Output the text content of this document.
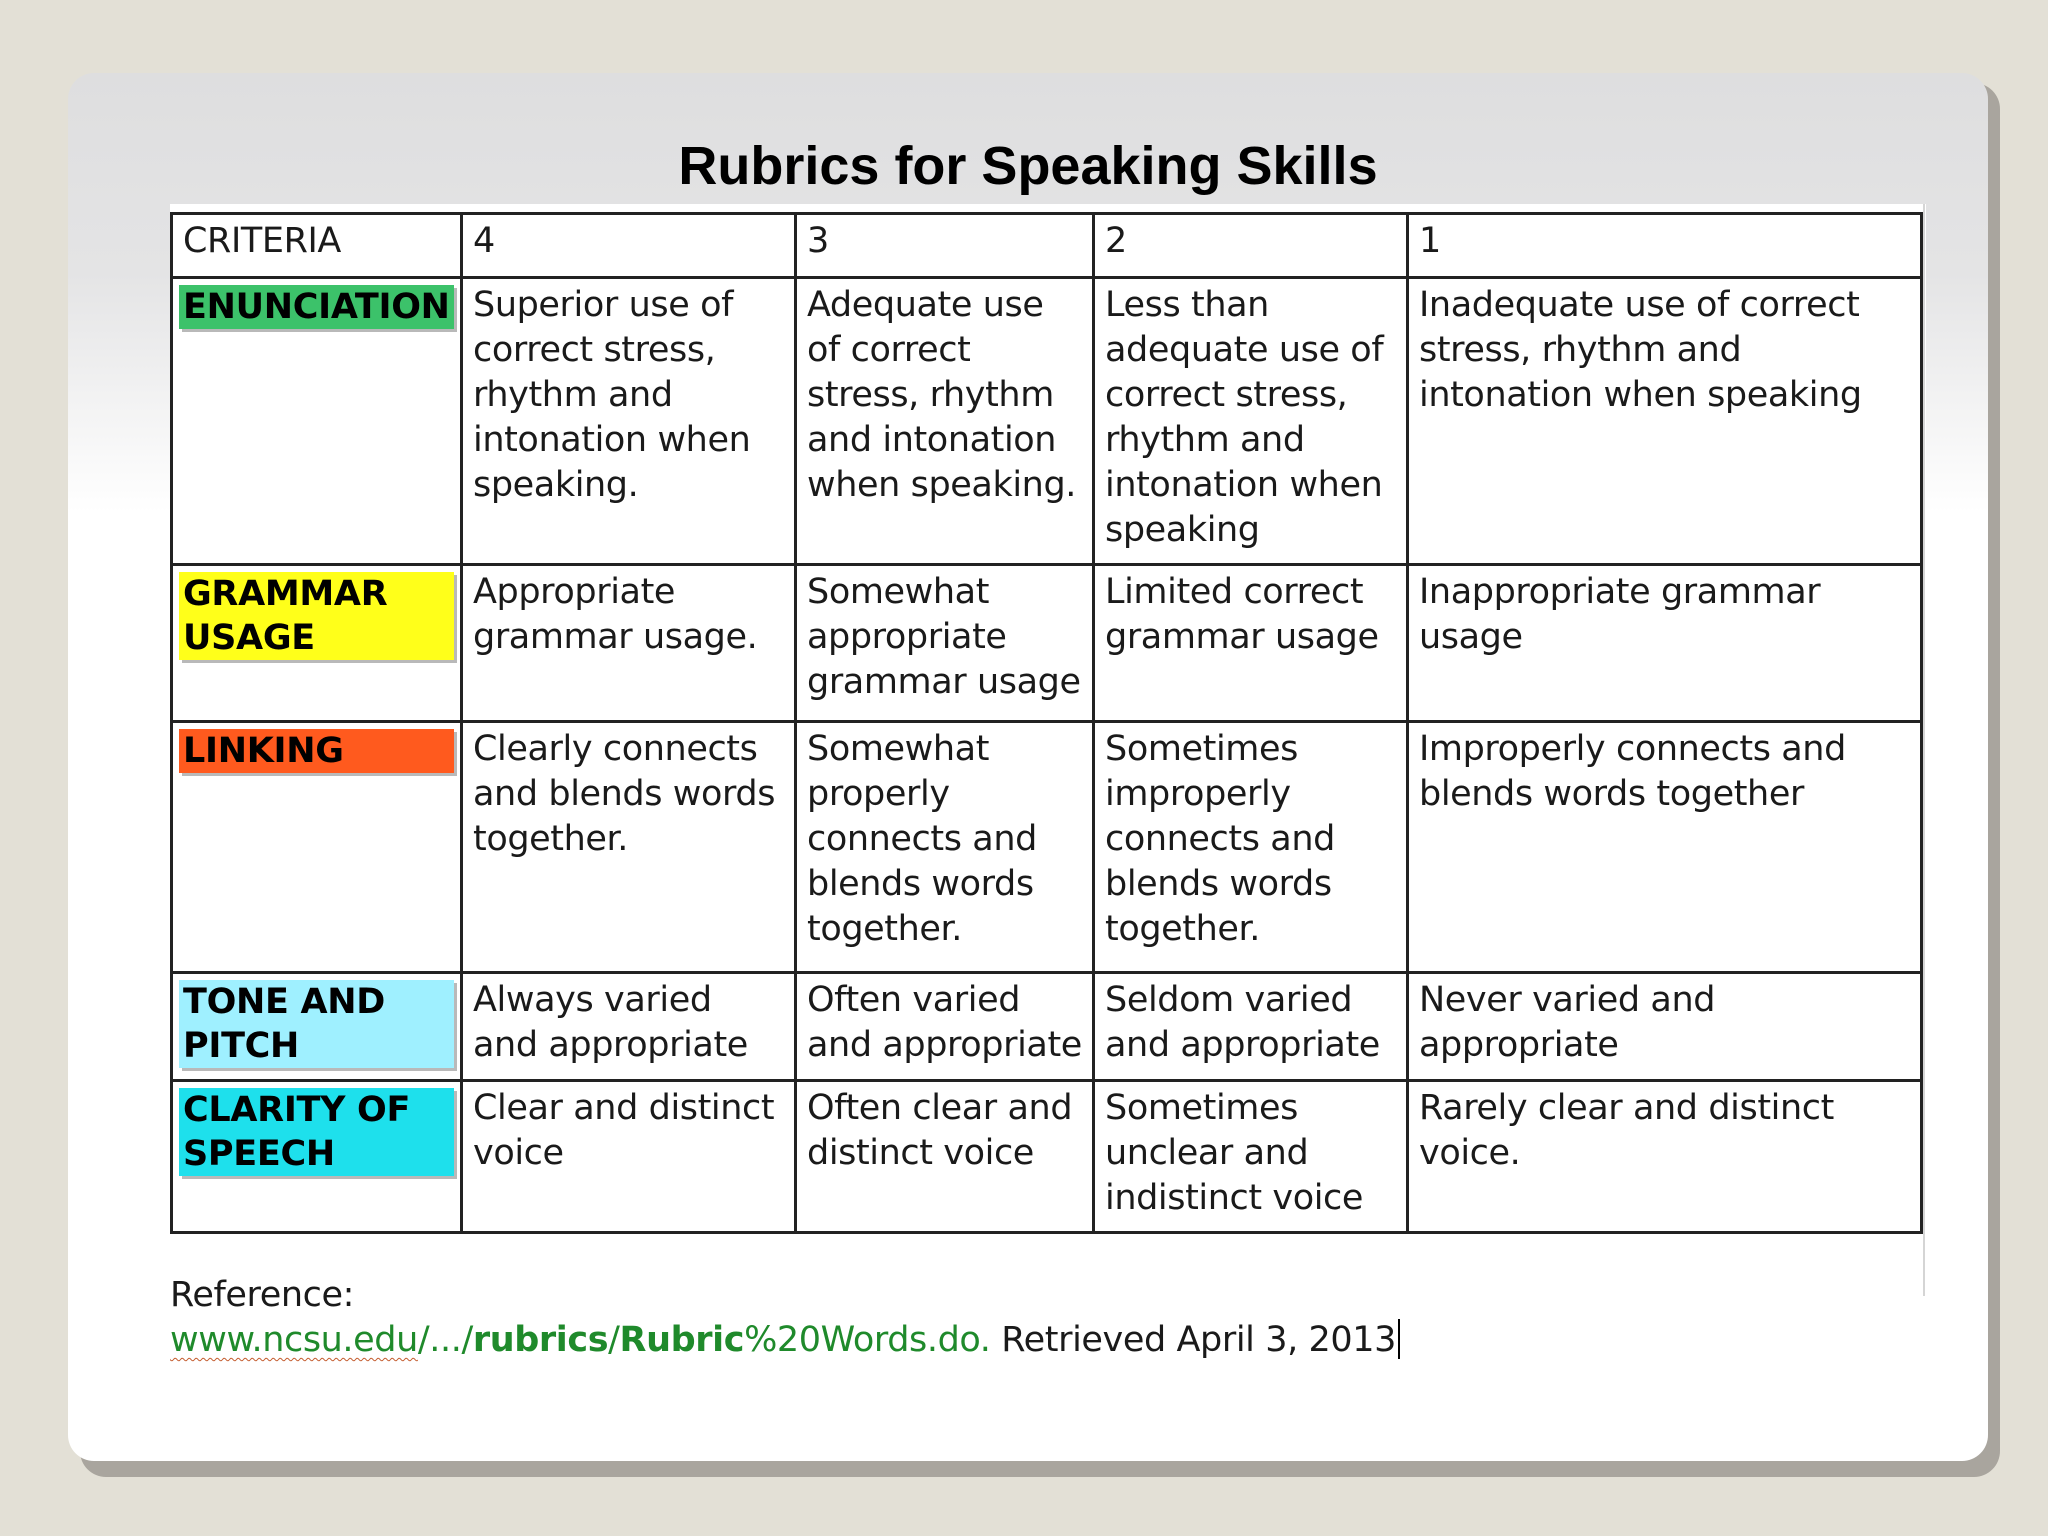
Rubrics for Speaking Skills
CRITERIA	4	3	2	1

ENUNCIATION	Superior use of correct stress, rhythm and intonation when speaking.	Adequate use of correct stress, rhythm and intonation when speaking.	Less than adequate use of correct stress, rhythm and intonation when speaking	Inadequate use of correct stress, rhythm and intonation when speaking

GRAMMAR USAGE	Appropriate grammar usage.	Somewhat appropriate grammar usage	Limited correct grammar usage	Inappropriate grammar usage

LINKING	Clearly connects and blends words together.	Somewhat properly connects and blends words together.	Sometimes improperly connects and blends words together.	Improperly connects and blends words together

TONE AND PITCH	Always varied and appropriate	Often varied and appropriate	Seldom varied and appropriate	Never varied and appropriate

CLARITY OF SPEECH	Clear and distinct voice	Often clear and distinct voice	Sometimes unclear and indistinct voice	Rarely clear and distinct voice.
Reference:
www.ncsu.edu/.../rubrics/Rubric%20Words.do. Retrieved April 3, 2013
